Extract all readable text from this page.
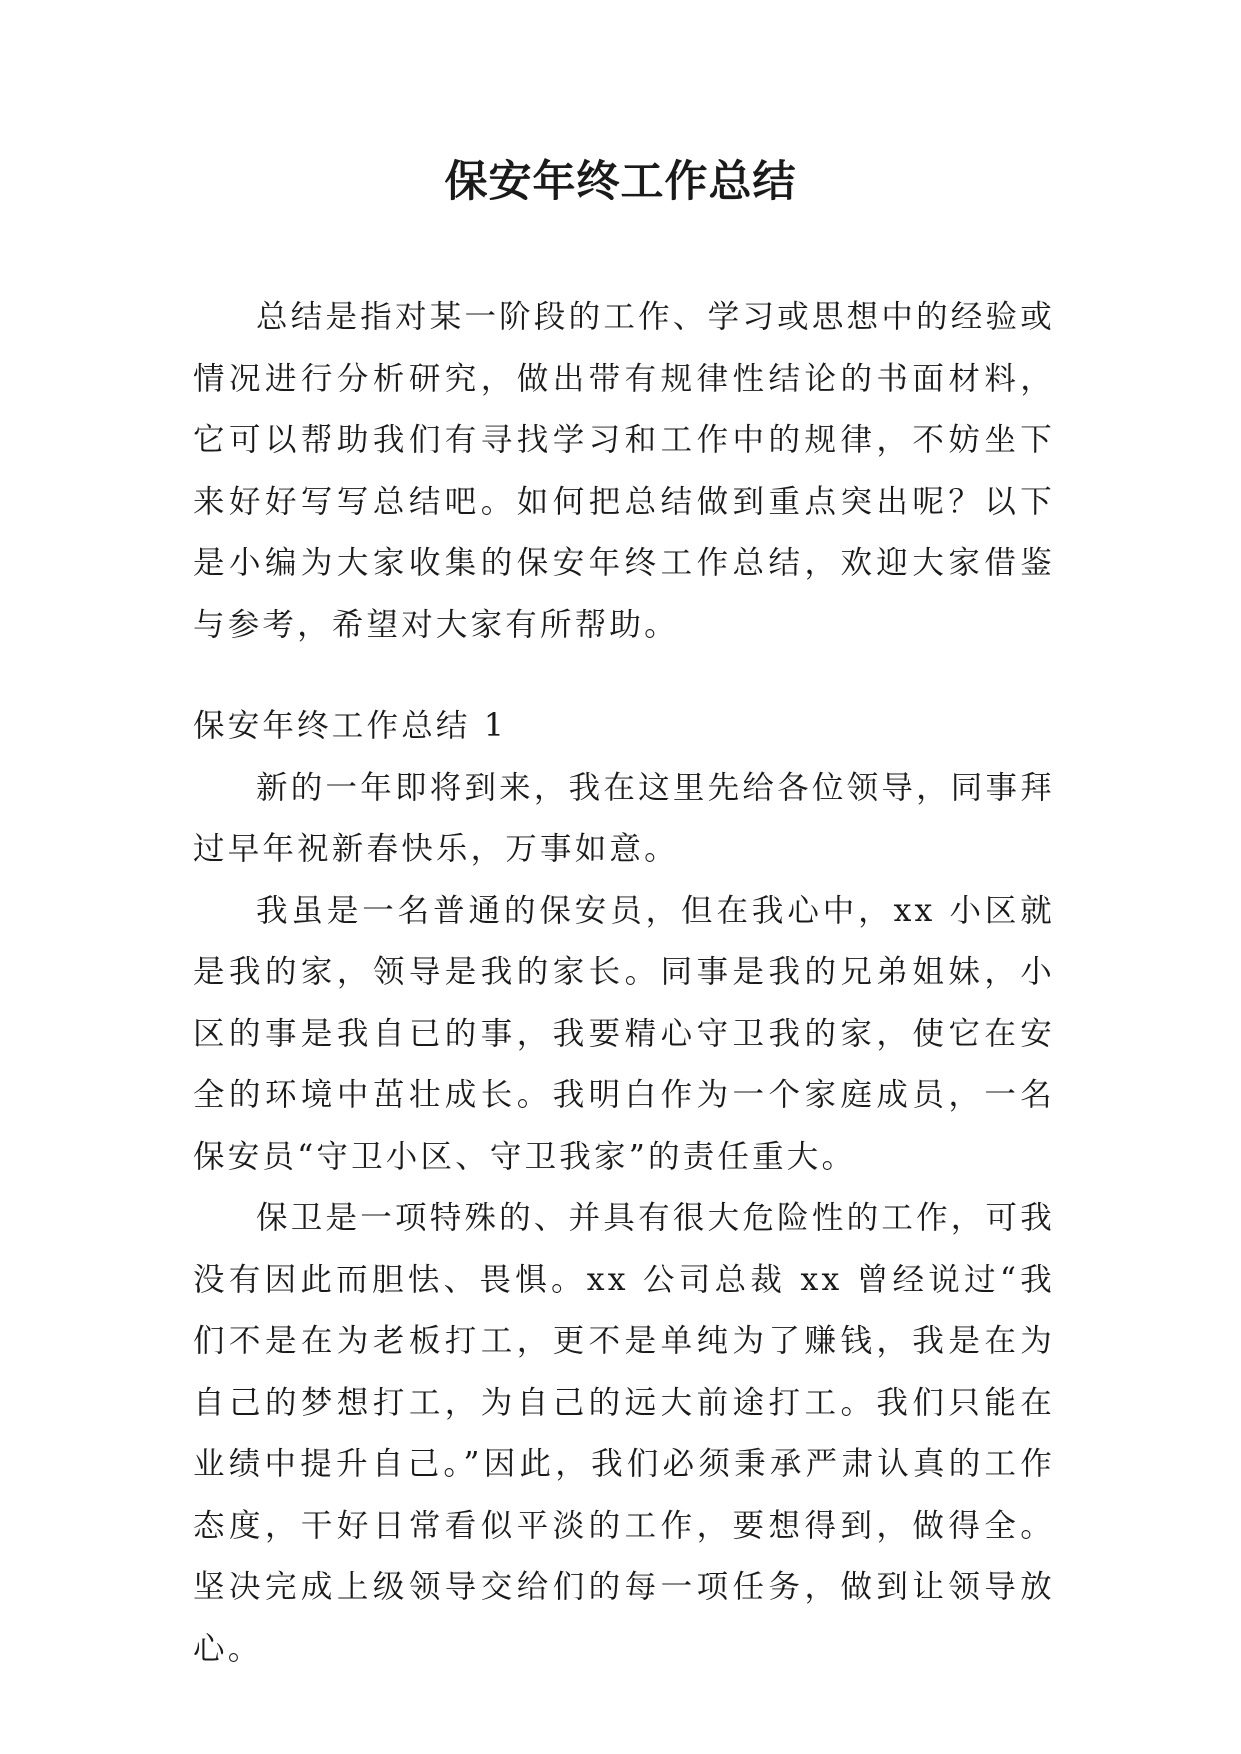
保安年终工作总结

总结是指对某一阶段的工作、学习或思想中的经验或情况进行分析研究，做出带有规律性结论的书面材料，它可以帮助我们有寻找学习和工作中的规律，不妨坐下来好好写写总结吧。如何把总结做到重点突出呢？以下是小编为大家收集的保安年终工作总结，欢迎大家借鉴与参考，希望对大家有所帮助。

保安年终工作总结 1
新的一年即将到来，我在这里先给各位领导，同事拜过早年祝新春快乐，万事如意。
我虽是一名普通的保安员，但在我心中，xx 小区就是我的家，领导是我的家长。同事是我的兄弟姐妹，小区的事是我自已的事，我要精心守卫我的家，使它在安全的环境中茁壮成长。我明白作为一个家庭成员，一名保安员“守卫小区、守卫我家”的责任重大。
保卫是一项特殊的、并具有很大危险性的工作，可我没有因此而胆怯、畏惧。xx 公司总裁 xx 曾经说过“我们不是在为老板打工，更不是单纯为了赚钱，我是在为自己的梦想打工，为自己的远大前途打工。我们只能在业绩中提升自己。”因此，我们必须秉承严肃认真的工作态度，干好日常看似平淡的工作，要想得到，做得全。坚决完成上级领导交给们的每一项任务，做到让领导放心。
